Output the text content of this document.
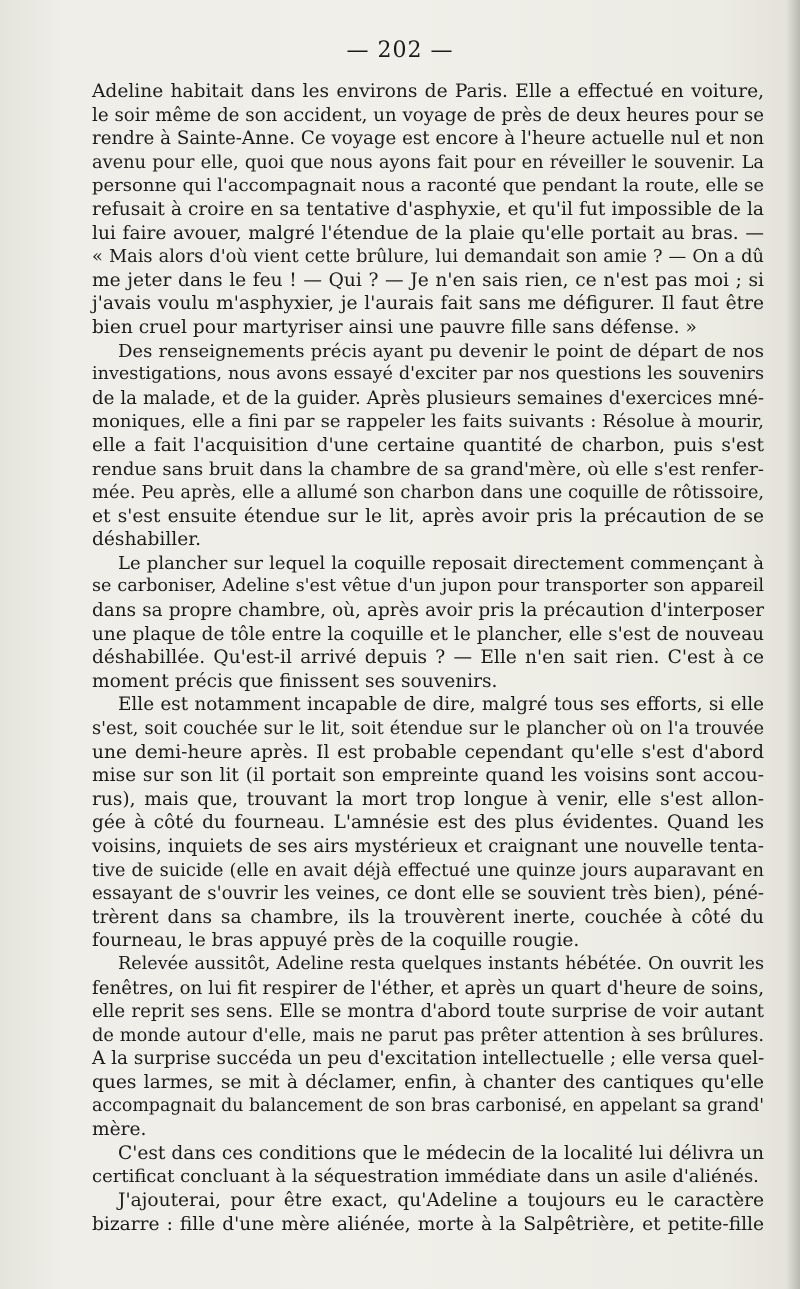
— 202 —
Adeline habitait dans les environs de Paris. Elle a effectué en voiture,
le soir même de son accident, un voyage de près de deux heures pour se
rendre à Sainte-Anne. Ce voyage est encore à l'heure actuelle nul et non
avenu pour elle, quoi que nous ayons fait pour en réveiller le souvenir. La
personne qui l'accompagnait nous a raconté que pendant la route, elle se
refusait à croire en sa tentative d'asphyxie, et qu'il fut impossible de la
lui faire avouer, malgré l'étendue de la plaie qu'elle portait au bras. —
« Mais alors d'où vient cette brûlure, lui demandait son amie ? — On a dû
me jeter dans le feu ! — Qui ? — Je n'en sais rien, ce n'est pas moi ; si
j'avais voulu m'asphyxier, je l'aurais fait sans me défigurer. Il faut être
bien cruel pour martyriser ainsi une pauvre fille sans défense. »
Des renseignements précis ayant pu devenir le point de départ de nos
investigations, nous avons essayé d'exciter par nos questions les souvenirs
de la malade, et de la guider. Après plusieurs semaines d'exercices mné-
moniques, elle a fini par se rappeler les faits suivants : Résolue à mourir,
elle a fait l'acquisition d'une certaine quantité de charbon, puis s'est
rendue sans bruit dans la chambre de sa grand'mère, où elle s'est renfer-
mée. Peu après, elle a allumé son charbon dans une coquille de rôtissoire,
et s'est ensuite étendue sur le lit, après avoir pris la précaution de se
déshabiller.
Le plancher sur lequel la coquille reposait directement commençant à
se carboniser, Adeline s'est vêtue d'un jupon pour transporter son appareil
dans sa propre chambre, où, après avoir pris la précaution d'interposer
une plaque de tôle entre la coquille et le plancher, elle s'est de nouveau
déshabillée. Qu'est-il arrivé depuis ? — Elle n'en sait rien. C'est à ce
moment précis que finissent ses souvenirs.
Elle est notamment incapable de dire, malgré tous ses efforts, si elle
s'est, soit couchée sur le lit, soit étendue sur le plancher où on l'a trouvée
une demi-heure après. Il est probable cependant qu'elle s'est d'abord
mise sur son lit (il portait son empreinte quand les voisins sont accou-
rus), mais que, trouvant la mort trop longue à venir, elle s'est allon-
gée à côté du fourneau. L'amnésie est des plus évidentes. Quand les
voisins, inquiets de ses airs mystérieux et craignant une nouvelle tenta-
tive de suicide (elle en avait déjà effectué une quinze jours auparavant en
essayant de s'ouvrir les veines, ce dont elle se souvient très bien), péné-
trèrent dans sa chambre, ils la trouvèrent inerte, couchée à côté du
fourneau, le bras appuyé près de la coquille rougie.
Relevée aussitôt, Adeline resta quelques instants hébétée. On ouvrit les
fenêtres, on lui fit respirer de l'éther, et après un quart d'heure de soins,
elle reprit ses sens. Elle se montra d'abord toute surprise de voir autant
de monde autour d'elle, mais ne parut pas prêter attention à ses brûlures.
A la surprise succéda un peu d'excitation intellectuelle ; elle versa quel-
ques larmes, se mit à déclamer, enfin, à chanter des cantiques qu'elle
accompagnait du balancement de son bras carbonisé, en appelant sa grand'
mère.
C'est dans ces conditions que le médecin de la localité lui délivra un
certificat concluant à la séquestration immédiate dans un asile d'aliénés.
J'ajouterai, pour être exact, qu'Adeline a toujours eu le caractère
bizarre : fille d'une mère aliénée, morte à la Salpêtrière, et petite-fille
